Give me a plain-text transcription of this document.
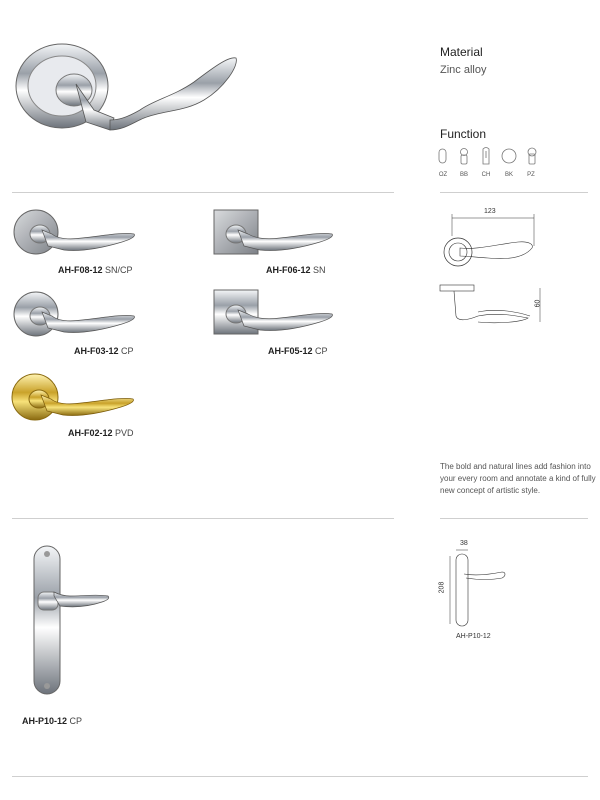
Material
Zinc alloy
Function
OZ	BB	CH	BK	PZ
AH-F08-12 SN/CP	AH-F06-12 SN
AH-F03-12 CP	AH-F05-12 CP
AH-F02-12 PVD
123
60
The bold and natural lines add fashion into your every room and annotate a kind of fully new concept of artistic style.
AH-P10-12 CP
38
208
AH-P10-12
